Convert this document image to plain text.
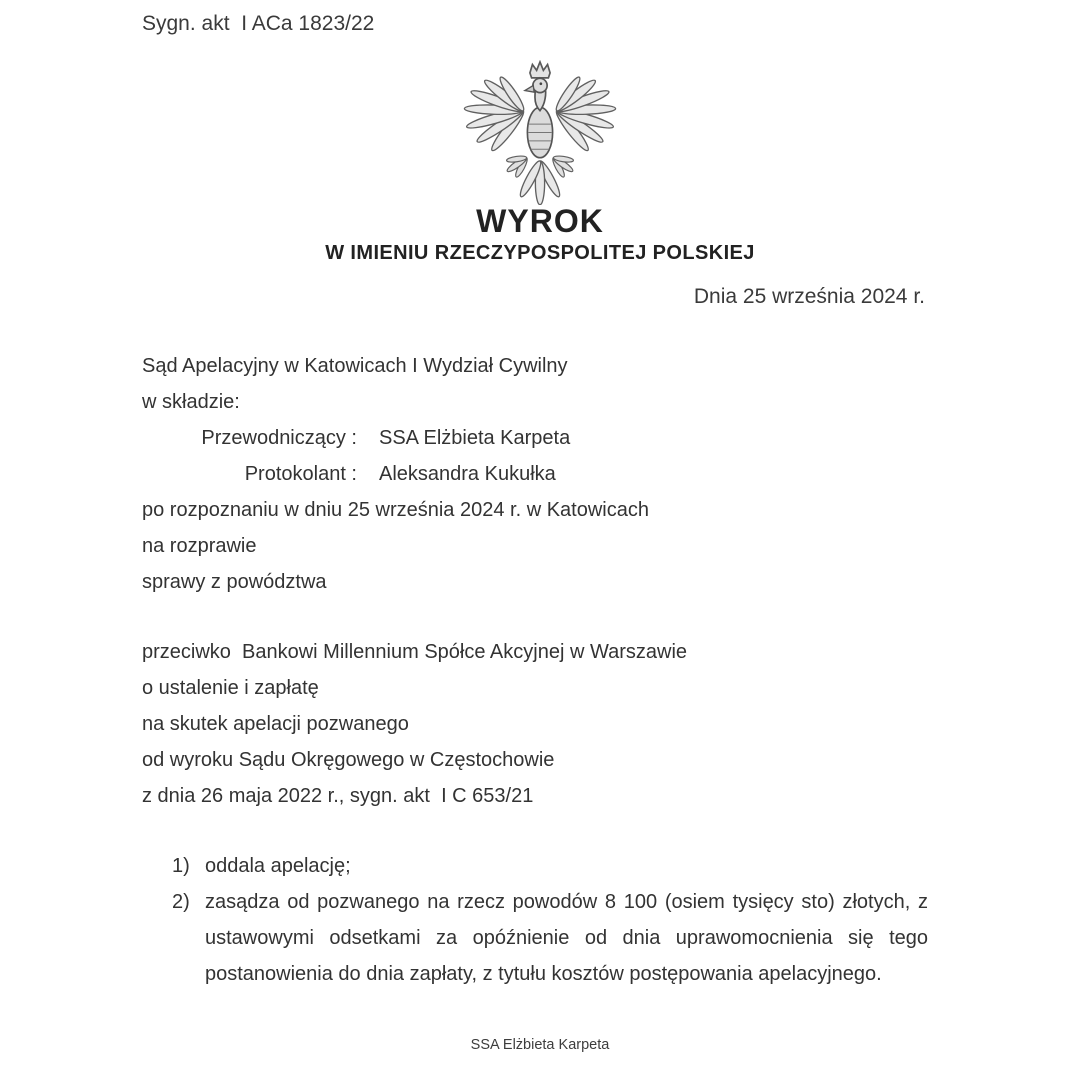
Sygn. akt  I ACa 1823/22
WYROK
W IMIENIU RZECZYPOSPOLITEJ POLSKIEJ
Dnia 25 września 2024 r.
Sąd Apelacyjny w Katowicach I Wydział Cywilny
w składzie:
Przewodniczący : SSA Elżbieta Karpeta
Protokolant : Aleksandra Kukułka
po rozpoznaniu w dniu 25 września 2024 r. w Katowicach
na rozprawie
sprawy z powództwa
przeciwko  Bankowi Millennium Spółce Akcyjnej w Warszawie
o ustalenie i zapłatę
na skutek apelacji pozwanego
od wyroku Sądu Okręgowego w Częstochowie
z dnia 26 maja 2022 r., sygn. akt  I C 653/21
1) oddala apelację;
2) zasądza od pozwanego na rzecz powodów 8 100 (osiem tysięcy sto) złotych, z ustawowymi odsetkami za opóźnienie od dnia uprawomocnienia się tego postanowienia do dnia zapłaty, z tytułu kosztów postępowania apelacyjnego.
SSA Elżbieta Karpeta
